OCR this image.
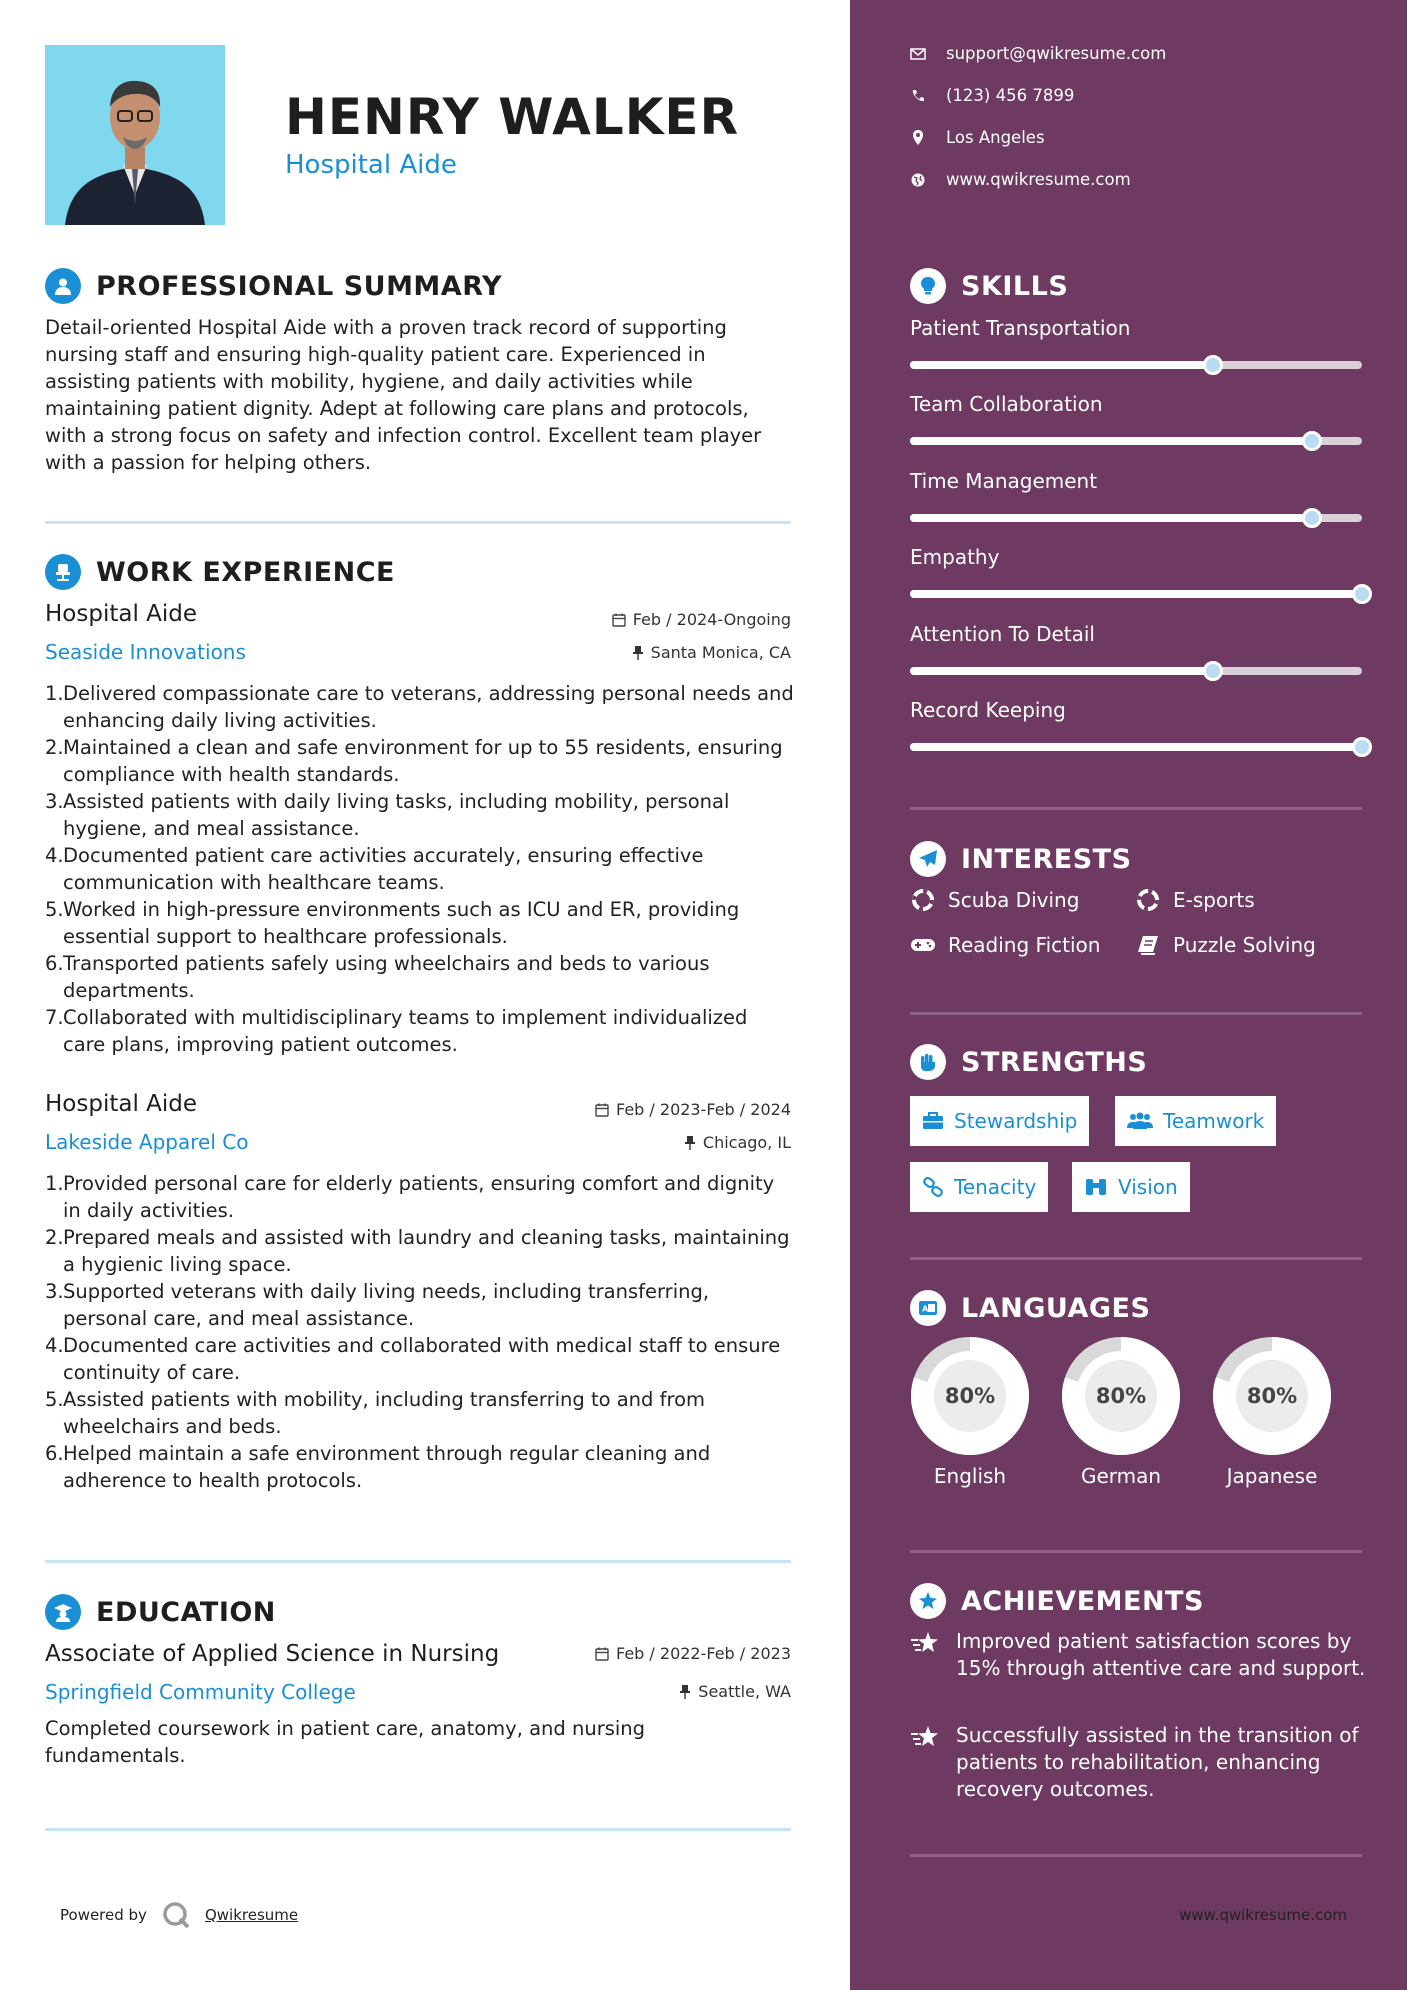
HENRY WALKER
Hospital Aide
PROFESSIONAL SUMMARY
Detail-oriented Hospital Aide with a proven track record of supporting nursing staff and ensuring high-quality patient care. Experienced in assisting patients with mobility, hygiene, and daily activities while maintaining patient dignity. Adept at following care plans and protocols, with a strong focus on safety and infection control. Excellent team player with a passion for helping others.
WORK EXPERIENCE
Hospital Aide	Feb / 2024-Ongoing
Seaside Innovations	Santa Monica, CA
1. Delivered compassionate care to veterans, addressing personal needs and enhancing daily living activities.
2. Maintained a clean and safe environment for up to 55 residents, ensuring compliance with health standards.
3. Assisted patients with daily living tasks, including mobility, personal hygiene, and meal assistance.
4. Documented patient care activities accurately, ensuring effective communication with healthcare teams.
5. Worked in high-pressure environments such as ICU and ER, providing essential support to healthcare professionals.
6. Transported patients safely using wheelchairs and beds to various departments.
7. Collaborated with multidisciplinary teams to implement individualized care plans, improving patient outcomes.
Hospital Aide	Feb / 2023-Feb / 2024
Lakeside Apparel Co	Chicago, IL
1. Provided personal care for elderly patients, ensuring comfort and dignity in daily activities.
2. Prepared meals and assisted with laundry and cleaning tasks, maintaining a hygienic living space.
3. Supported veterans with daily living needs, including transferring, personal care, and meal assistance.
4. Documented care activities and collaborated with medical staff to ensure continuity of care.
5. Assisted patients with mobility, including transferring to and from wheelchairs and beds.
6. Helped maintain a safe environment through regular cleaning and adherence to health protocols.
EDUCATION
Associate of Applied Science in Nursing	Feb / 2022-Feb / 2023
Springfield Community College	Seattle, WA
Completed coursework in patient care, anatomy, and nursing fundamentals.
Powered by	Qwikresume
support@qwikresume.com
(123) 456 7899
Los Angeles
www.qwikresume.com
SKILLS
INTERESTS
Scuba Diving	E-sports
Reading Fiction	Puzzle Solving
STRENGTHS
Stewardship	Teamwork
Tenacity	Vision
A LANGUAGES
ACHIEVEMENTS
Improved patient satisfaction scores by 15% through attentive care and support.
Successfully assisted in the transition of patients to rehabilitation, enhancing recovery outcomes.
Patient Transportation
Team Collaboration
Time Management
Empathy
Attention To Detail
Record Keeping
80%
English
80%
German
80%
Japanese
www.qwikresume.com
